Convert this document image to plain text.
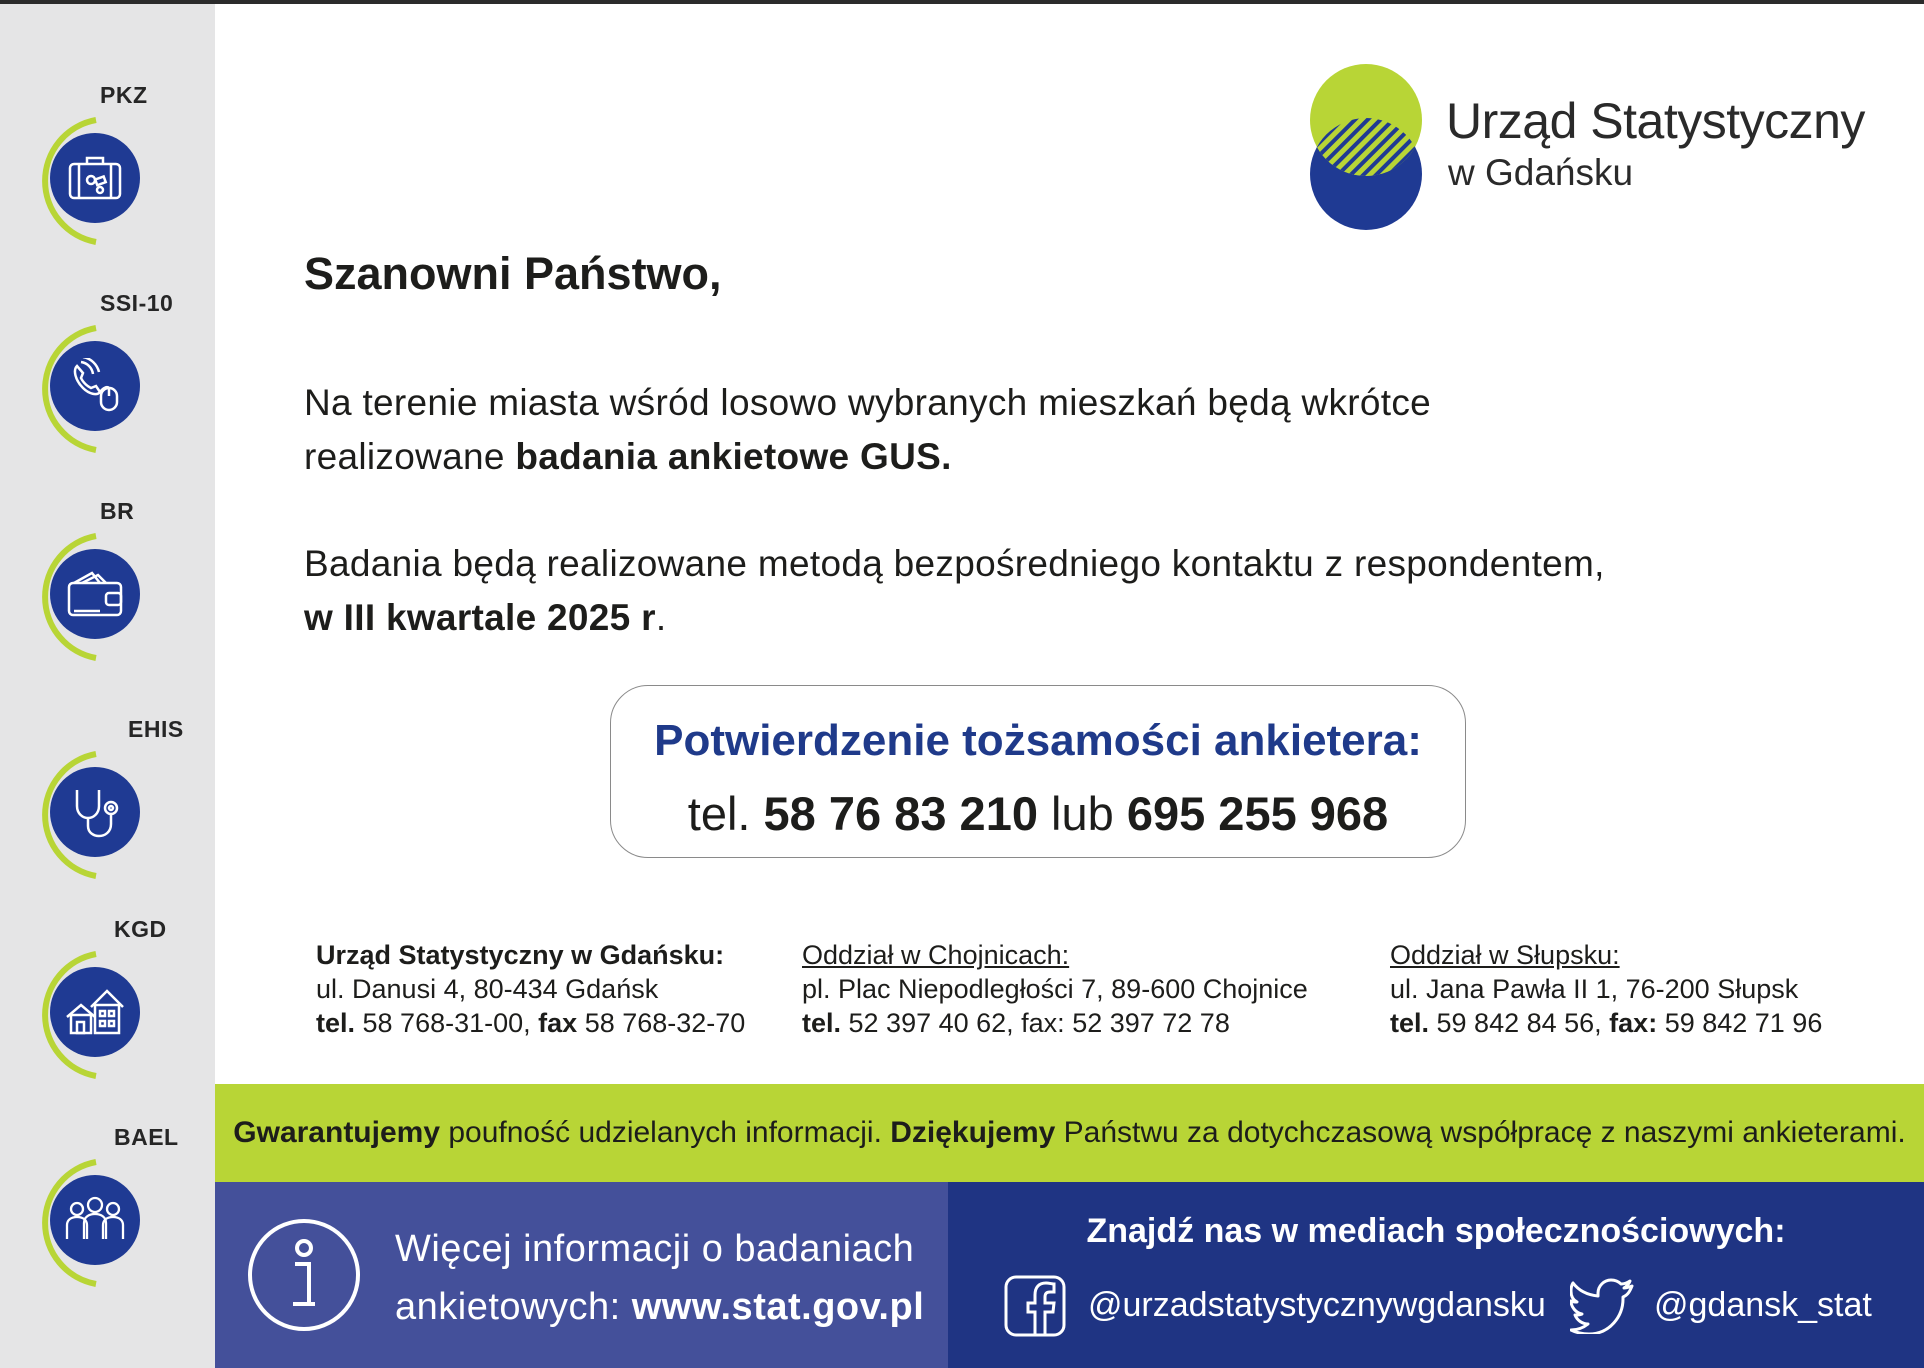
PKZ
SSI-10
BR
EHIS
KGD
BAEL
Urząd Statystyczny
w Gdańsku
Szanowni Państwo,
Na terenie miasta wśród losowo wybranych mieszkań będą wkrótce
realizowane badania ankietowe GUS.
Badania będą realizowane metodą bezpośredniego kontaktu z respondentem,
w III kwartale 2025 r.
Potwierdzenie tożsamości ankietera:
tel. 58 76 83 210 lub 695 255 968
Urząd Statystyczny w Gdańsku:
ul. Danusi 4, 80-434 Gdańsk
tel. 58 768-31-00, fax 58 768-32-70
Oddział w Chojnicach:
pl. Plac Niepodległości 7, 89-600 Chojnice
tel. 52 397 40 62, fax: 52 397 72 78
Oddział w Słupsku:
ul. Jana Pawła II 1, 76-200 Słupsk
tel. 59 842 84 56, fax: 59 842 71 96
Gwarantujemy poufność udzielanych informacji. Dziękujemy Państwu za dotychczasową współpracę z naszymi ankieterami.
Więcej informacji o badaniach
ankietowych: www.stat.gov.pl
Znajdź nas w mediach społecznościowych:
@urzadstatystycznywgdansku	@gdansk_stat
